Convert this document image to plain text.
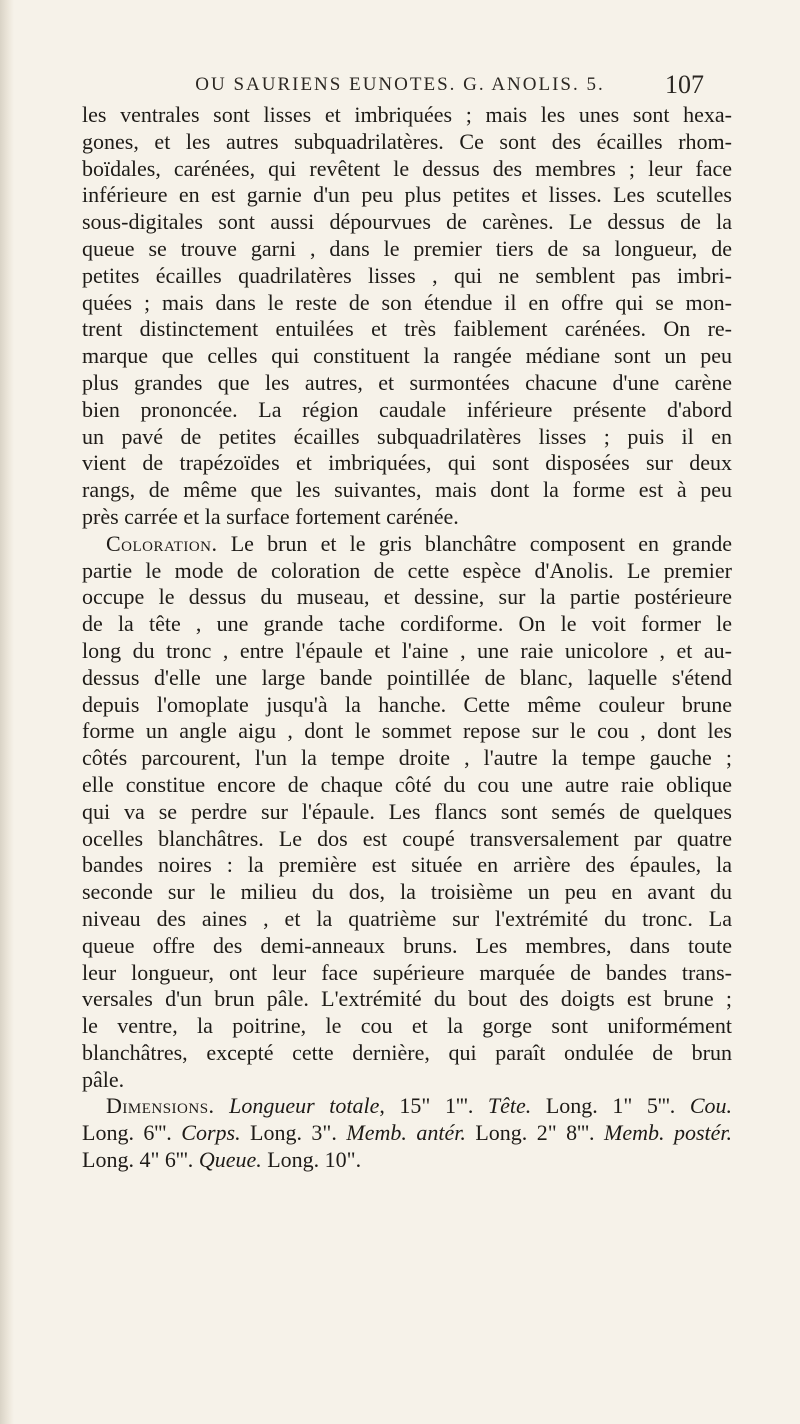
OU SAURIENS EUNOTES. G. ANOLIS. 5.	107
les ventrales sont lisses et imbriquées ; mais les unes sont hexa-
gones, et les autres subquadrilatères. Ce sont des écailles rhom-
boïdales, carénées, qui revêtent le dessus des membres ; leur face
inférieure en est garnie d'un peu plus petites et lisses. Les scutelles
sous-digitales sont aussi dépourvues de carènes. Le dessus de la
queue se trouve garni , dans le premier tiers de sa longueur, de
petites écailles quadrilatères lisses , qui ne semblent pas imbri-
quées ; mais dans le reste de son étendue il en offre qui se mon-
trent distinctement entuilées et très faiblement carénées. On re-
marque que celles qui constituent la rangée médiane sont un peu
plus grandes que les autres, et surmontées chacune d'une carène
bien prononcée. La région caudale inférieure présente d'abord
un pavé de petites écailles subquadrilatères lisses ; puis il en
vient de trapézoïdes et imbriquées, qui sont disposées sur deux
rangs, de même que les suivantes, mais dont la forme est à peu
près carrée et la surface fortement carénée.
Coloration. Le brun et le gris blanchâtre composent en grande
partie le mode de coloration de cette espèce d'Anolis. Le premier
occupe le dessus du museau, et dessine, sur la partie postérieure
de la tête , une grande tache cordiforme. On le voit former le
long du tronc , entre l'épaule et l'aine , une raie unicolore , et au-
dessus d'elle une large bande pointillée de blanc, laquelle s'étend
depuis l'omoplate jusqu'à la hanche. Cette même couleur brune
forme un angle aigu , dont le sommet repose sur le cou , dont les
côtés parcourent, l'un la tempe droite , l'autre la tempe gauche ;
elle constitue encore de chaque côté du cou une autre raie oblique
qui va se perdre sur l'épaule. Les flancs sont semés de quelques
ocelles blanchâtres. Le dos est coupé transversalement par quatre
bandes noires : la première est située en arrière des épaules, la
seconde sur le milieu du dos, la troisième un peu en avant du
niveau des aines , et la quatrième sur l'extrémité du tronc. La
queue offre des demi-anneaux bruns. Les membres, dans toute
leur longueur, ont leur face supérieure marquée de bandes trans-
versales d'un brun pâle. L'extrémité du bout des doigts est brune ;
le ventre, la poitrine, le cou et la gorge sont uniformément
blanchâtres, excepté cette dernière, qui paraît ondulée de brun
pâle.
Dimensions. Longueur totale, 15" 1'''. Tête. Long. 1" 5'''. Cou.
Long. 6'''. Corps. Long. 3". Memb. antér. Long. 2" 8'''. Memb. postér.
Long. 4" 6'''. Queue. Long. 10".
